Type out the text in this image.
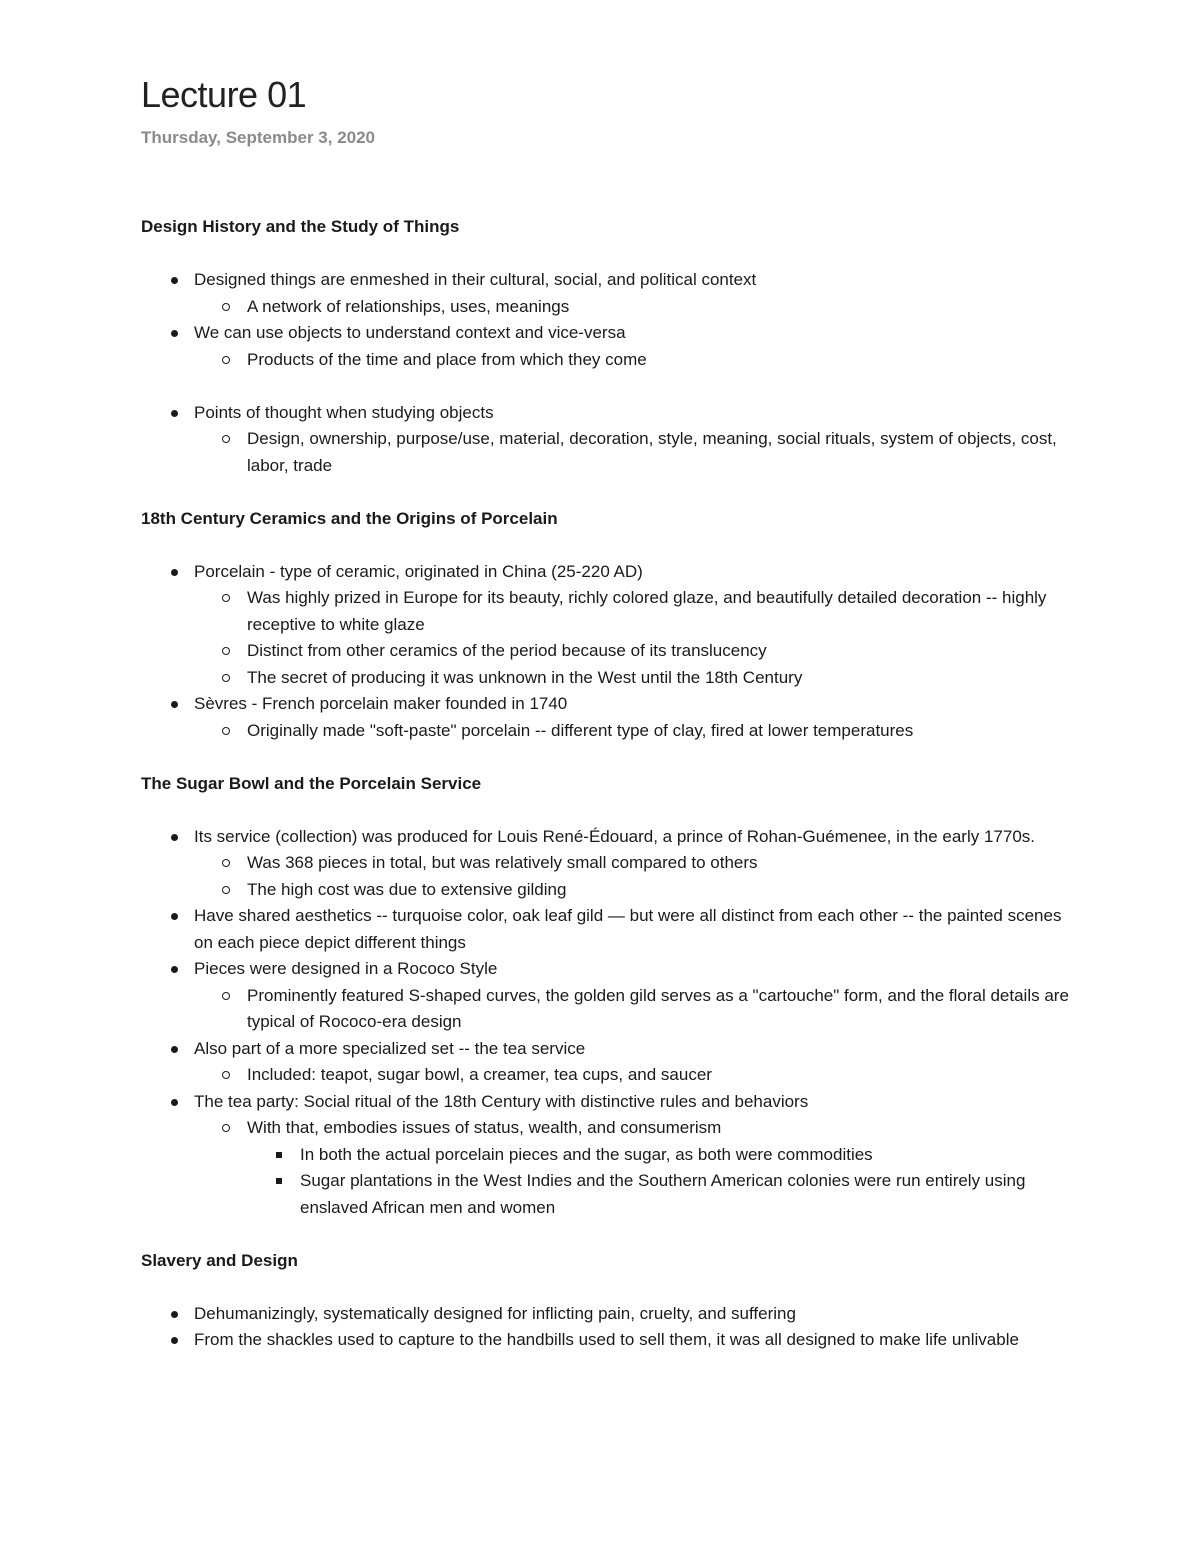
Lecture 01
Thursday, September 3, 2020
Design History and the Study of Things
Designed things are enmeshed in their cultural, social, and political context
A network of relationships, uses, meanings
We can use objects to understand context and vice-versa
Products of the time and place from which they come
Points of thought when studying objects
Design, ownership, purpose/use, material, decoration, style, meaning, social rituals, system of objects, cost, labor, trade
18th Century Ceramics and the Origins of Porcelain
Porcelain - type of ceramic, originated in China (25-220 AD)
Was highly prized in Europe for its beauty, richly colored glaze, and beautifully detailed decoration -- highly receptive to white glaze
Distinct from other ceramics of the period because of its translucency
The secret of producing it was unknown in the West until the 18th Century
Sèvres - French porcelain maker founded in 1740
Originally made "soft-paste" porcelain -- different type of clay, fired at lower temperatures
The Sugar Bowl and the Porcelain Service
Its service (collection) was produced for Louis René-Édouard, a prince of Rohan-Guémenee, in the early 1770s.
Was 368 pieces in total, but was relatively small compared to others
The high cost was due to extensive gilding
Have shared aesthetics -- turquoise color, oak leaf gild — but were all distinct from each other -- the painted scenes on each piece depict different things
Pieces were designed in a Rococo Style
Prominently featured S-shaped curves, the golden gild serves as a "cartouche" form, and the floral details are typical of Rococo-era design
Also part of a more specialized set -- the tea service
Included: teapot, sugar bowl, a creamer, tea cups, and saucer
The tea party: Social ritual of the 18th Century with distinctive rules and behaviors
With that, embodies issues of status, wealth, and consumerism
In both the actual porcelain pieces and the sugar, as both were commodities
Sugar plantations in the West Indies and the Southern American colonies were run entirely using enslaved African men and women
Slavery and Design
Dehumanizingly, systematically designed for inflicting pain, cruelty, and suffering
From the shackles used to capture to the handbills used to sell them, it was all designed to make life unlivable
